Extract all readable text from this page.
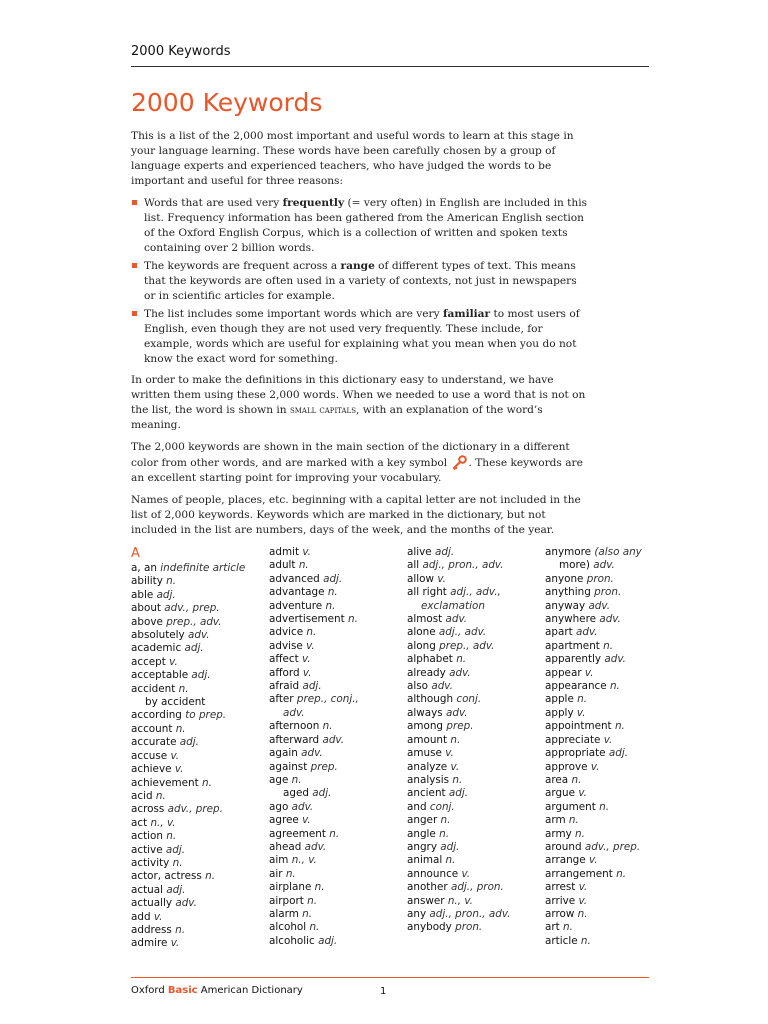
2000 Keywords
2000 Keywords

This is a list of the 2,000 most important and useful words to learn at this stage in your language learning. These words have been carefully chosen by a group of language experts and experienced teachers, who have judged the words to be important and useful for three reasons:

Words that are used very frequently (= very often) in English are included in this list. Frequency information has been gathered from the American English section of the Oxford English Corpus, which is a collection of written and spoken texts containing over 2 billion words.
The keywords are frequent across a range of different types of text. This means that the keywords are often used in a variety of contexts, not just in newspapers or in scientific articles for example.
The list includes some important words which are very familiar to most users of English, even though they are not used very frequently. These include, for example, words which are useful for explaining what you mean when you do not know the exact word for something.

In order to make the definitions in this dictionary easy to understand, we have written them using these 2,000 words. When we needed to use a word that is not on the list, the word is shown in small capitals, with an explanation of the word’s meaning.

The 2,000 keywords are shown in the main section of the dictionary in a different color from other words, and are marked with a key symbol . These keywords are an excellent starting point for improving your vocabulary.

Names of people, places, etc. beginning with a capital letter are not included in the list of 2,000 keywords. Keywords which are marked in the dictionary, but not included in the list are numbers, days of the week, and the months of the year.

A
a, an indefinite article
ability n.
able adj.
about adv., prep.
above prep., adv.
absolutely adv.
academic adj.
accept v.
acceptable adj.
accident n.
by accident
according to prep.
account n.
accurate adj.
accuse v.
achieve v.
achievement n.
acid n.
across adv., prep.
act n., v.
action n.
active adj.
activity n.
actor, actress n.
actual adj.
actually adv.
add v.
address n.
admire v.
admit v.
adult n.
advanced adj.
advantage n.
adventure n.
advertisement n.
advice n.
advise v.
affect v.
afford v.
afraid adj.
after prep., conj.,
adv.
afternoon n.
afterward adv.
again adv.
against prep.
age n.
aged adj.
ago adv.
agree v.
agreement n.
ahead adv.
aim n., v.
air n.
airplane n.
airport n.
alarm n.
alcohol n.
alcoholic adj.
alive adj.
all adj., pron., adv.
allow v.
all right adj., adv.,
exclamation
almost adv.
alone adj., adv.
along prep., adv.
alphabet n.
already adv.
also adv.
although conj.
always adv.
among prep.
amount n.
amuse v.
analyze v.
analysis n.
ancient adj.
and conj.
anger n.
angle n.
angry adj.
animal n.
announce v.
another adj., pron.
answer n., v.
any adj., pron., adv.
anybody pron.
anymore (also any
more) adv.
anyone pron.
anything pron.
anyway adv.
anywhere adv.
apart adv.
apartment n.
apparently adv.
appear v.
appearance n.
apple n.
apply v.
appointment n.
appreciate v.
appropriate adj.
approve v.
area n.
argue v.
argument n.
arm n.
army n.
around adv., prep.
arrange v.
arrangement n.
arrest v.
arrive v.
arrow n.
art n.
article n.
Oxford Basic American Dictionary	1
